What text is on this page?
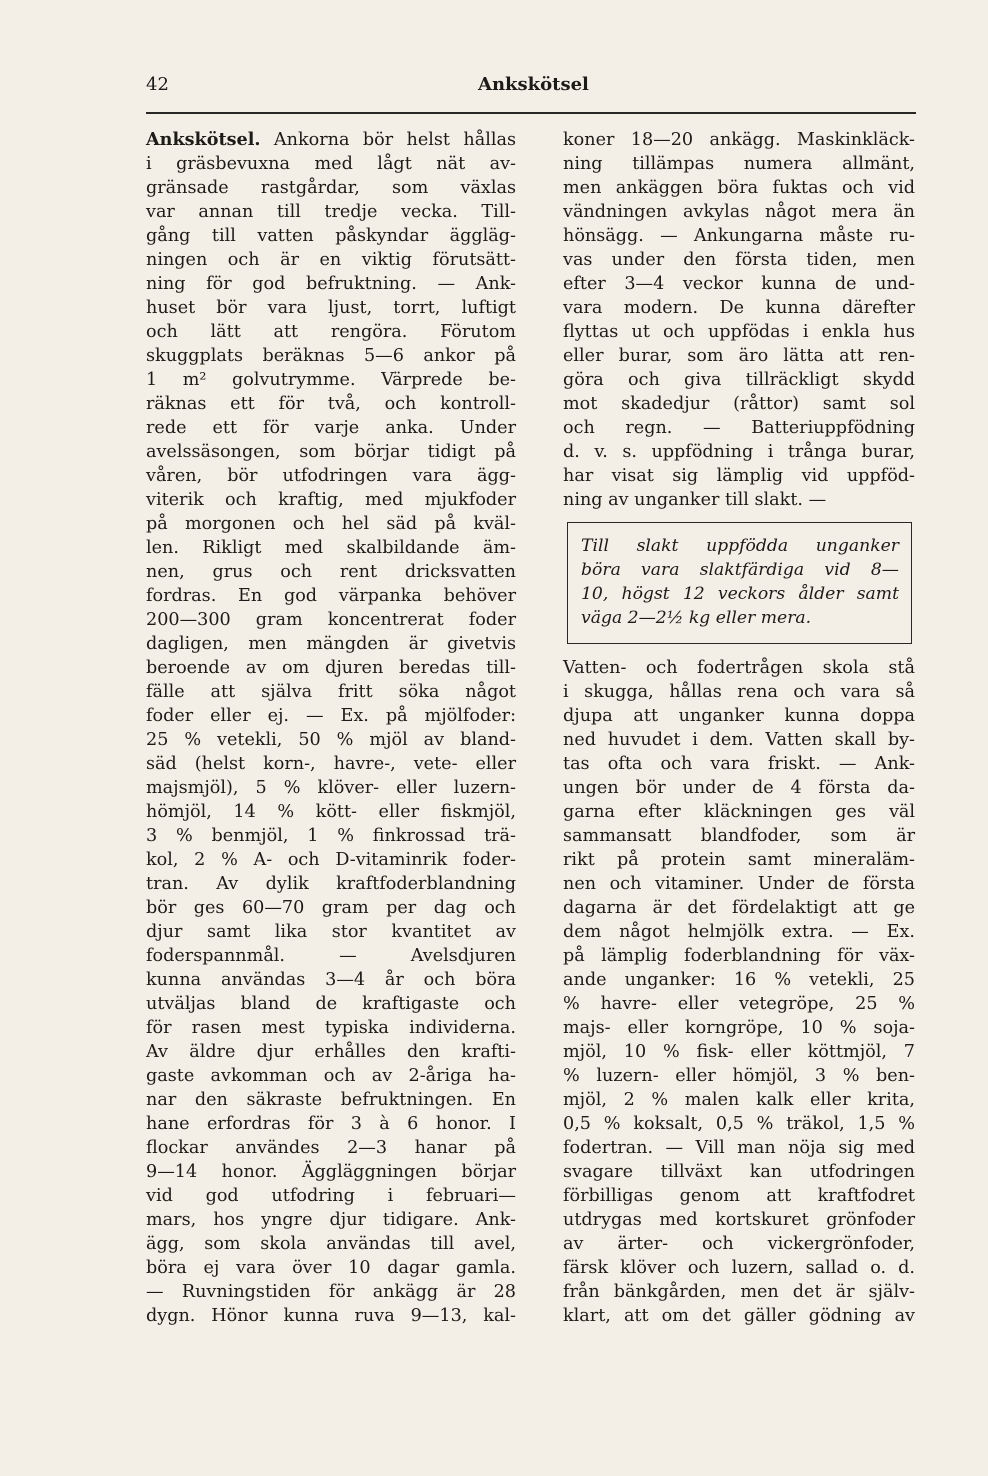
42	Ankskötsel
Ankskötsel. Ankorna bör helst hållas
i gräsbevuxna med lågt nät av-
gränsade rastgårdar, som växlas
var annan till tredje vecka. Till-
gång till vatten påskyndar äggläg-
ningen och är en viktig förutsätt-
ning för god befruktning. — Ank-
huset bör vara ljust, torrt, luftigt
och lätt att rengöra. Förutom
skuggplats beräknas 5—6 ankor på
1 m² golvutrymme. Värprede be-
räknas ett för två, och kontroll-
rede ett för varje anka. Under
avelssäsongen, som börjar tidigt på
våren, bör utfodringen vara ägg-
viterik och kraftig, med mjukfoder
på morgonen och hel säd på kväl-
len. Rikligt med skalbildande äm-
nen, grus och rent dricksvatten
fordras. En god värpanka behöver
200—300 gram koncentrerat foder
dagligen, men mängden är givetvis
beroende av om djuren beredas till-
fälle att själva fritt söka något
foder eller ej. — Ex. på mjölfoder:
25 % vetekli, 50 % mjöl av bland-
säd (helst korn-, havre-, vete- eller
majsmjöl), 5 % klöver- eller luzern-
hömjöl, 14 % kött- eller fiskmjöl,
3 % benmjöl, 1 % finkrossad trä-
kol, 2 % A- och D-vitaminrik foder-
tran. Av dylik kraftfoderblandning
bör ges 60—70 gram per dag och
djur samt lika stor kvantitet av
foderspannmål. — Avelsdjuren
kunna användas 3—4 år och böra
utväljas bland de kraftigaste och
för rasen mest typiska individerna.
Av äldre djur erhålles den krafti-
gaste avkomman och av 2-åriga ha-
nar den säkraste befruktningen. En
hane erfordras för 3 à 6 honor. I
flockar användes 2—3 hanar på
9—14 honor. Äggläggningen börjar
vid god utfodring i februari—
mars, hos yngre djur tidigare. Ank-
ägg, som skola användas till avel,
böra ej vara över 10 dagar gamla.
— Ruvningstiden för ankägg är 28
dygn. Hönor kunna ruva 9—13, kal-
koner 18—20 ankägg. Maskinkläck-
ning tillämpas numera allmänt,
men ankäggen böra fuktas och vid
vändningen avkylas något mera än
hönsägg. — Ankungarna måste ru-
vas under den första tiden, men
efter 3—4 veckor kunna de und-
vara modern. De kunna därefter
flyttas ut och uppfödas i enkla hus
eller burar, som äro lätta att ren-
göra och giva tillräckligt skydd
mot skadedjur (råttor) samt sol
och regn. — Batteriuppfödning
d. v. s. uppfödning i trånga burar,
har visat sig lämplig vid uppföd-
ning av unganker till slakt. —
Till slakt uppfödda unganker
böra vara slaktfärdiga vid 8—
10, högst 12 veckors ålder samt
väga 2—2½ kg eller mera.
Vatten- och fodertrågen skola stå
i skugga, hållas rena och vara så
djupa att unganker kunna doppa
ned huvudet i dem. Vatten skall by-
tas ofta och vara friskt. — Ank-
ungen bör under de 4 första da-
garna efter kläckningen ges väl
sammansatt blandfoder, som är
rikt på protein samt mineraläm-
nen och vitaminer. Under de första
dagarna är det fördelaktigt att ge
dem något helmjölk extra. — Ex.
på lämplig foderblandning för väx-
ande unganker: 16 % vetekli, 25
% havre- eller vetegröpe, 25 %
majs- eller korngröpe, 10 % soja-
mjöl, 10 % fisk- eller köttmjöl, 7
% luzern- eller hömjöl, 3 % ben-
mjöl, 2 % malen kalk eller krita,
0,5 % koksalt, 0,5 % träkol, 1,5 %
fodertran. — Vill man nöja sig med
svagare tillväxt kan utfodringen
förbilligas genom att kraftfodret
utdrygas med kortskuret grönfoder
av ärter- och vickergrönfoder,
färsk klöver och luzern, sallad o. d.
från bänkgården, men det är själv-
klart, att om det gäller gödning av
